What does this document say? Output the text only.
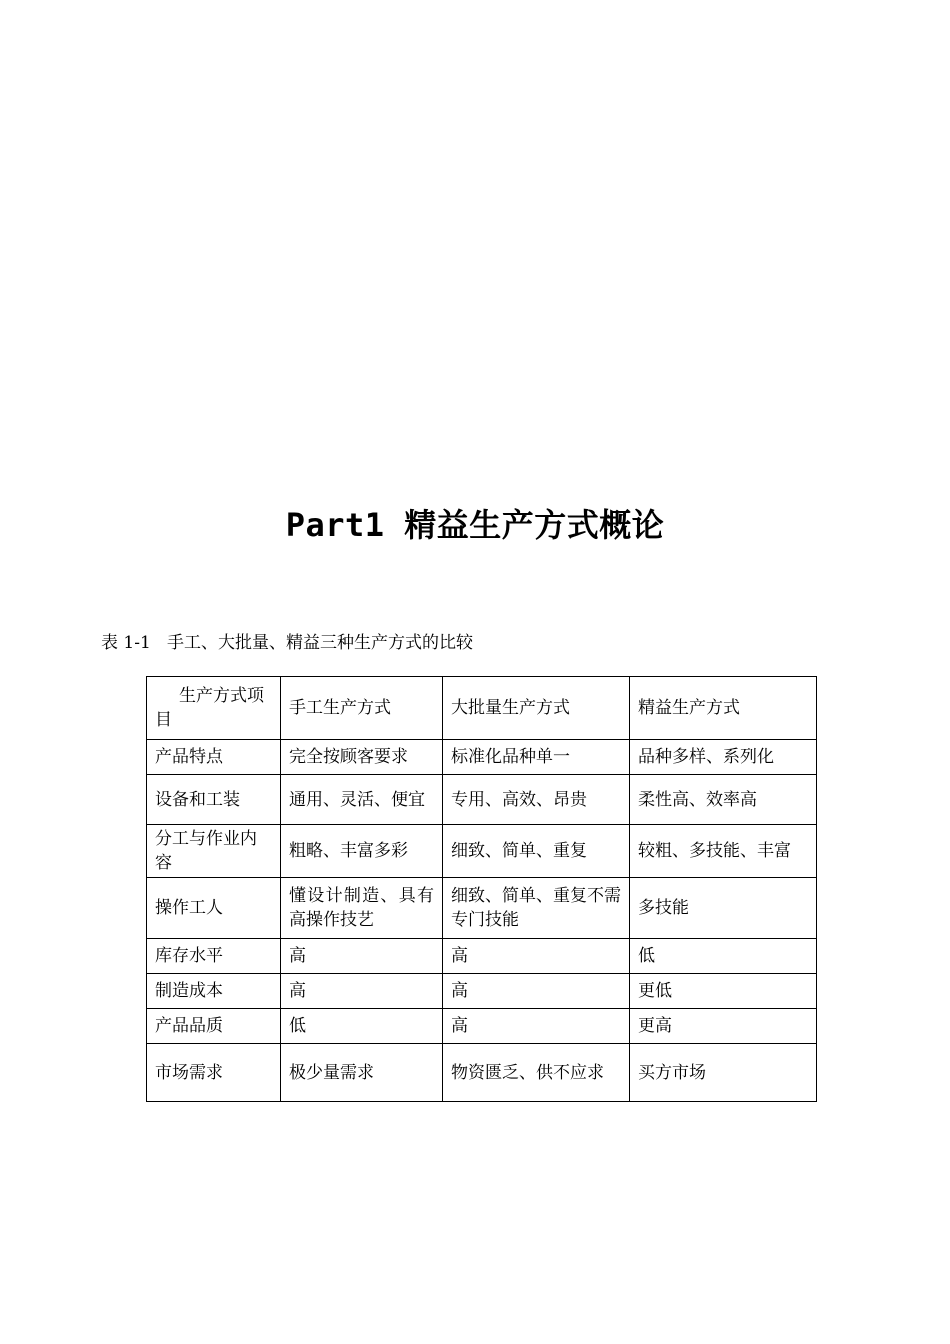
Part1 精益生产方式概论
表 1-1   手工、大批量、精益三种生产方式的比较
生产方式项目	手工生产方式	大批量生产方式	精益生产方式
产品特点	完全按顾客要求	标准化品种单一	品种多样、系列化
设备和工装	通用、灵活、便宜	专用、高效、昂贵	柔性高、效率高
分工与作业内容	粗略、丰富多彩	细致、简单、重复	较粗、多技能、丰富
操作工人	懂设计制造、具有高操作技艺	细致、简单、重复不需专门技能	多技能
库存水平	高	高	低
制造成本	高	高	更低
产品品质	低	高	更高
市场需求	极少量需求	物资匮乏、供不应求	买方市场
